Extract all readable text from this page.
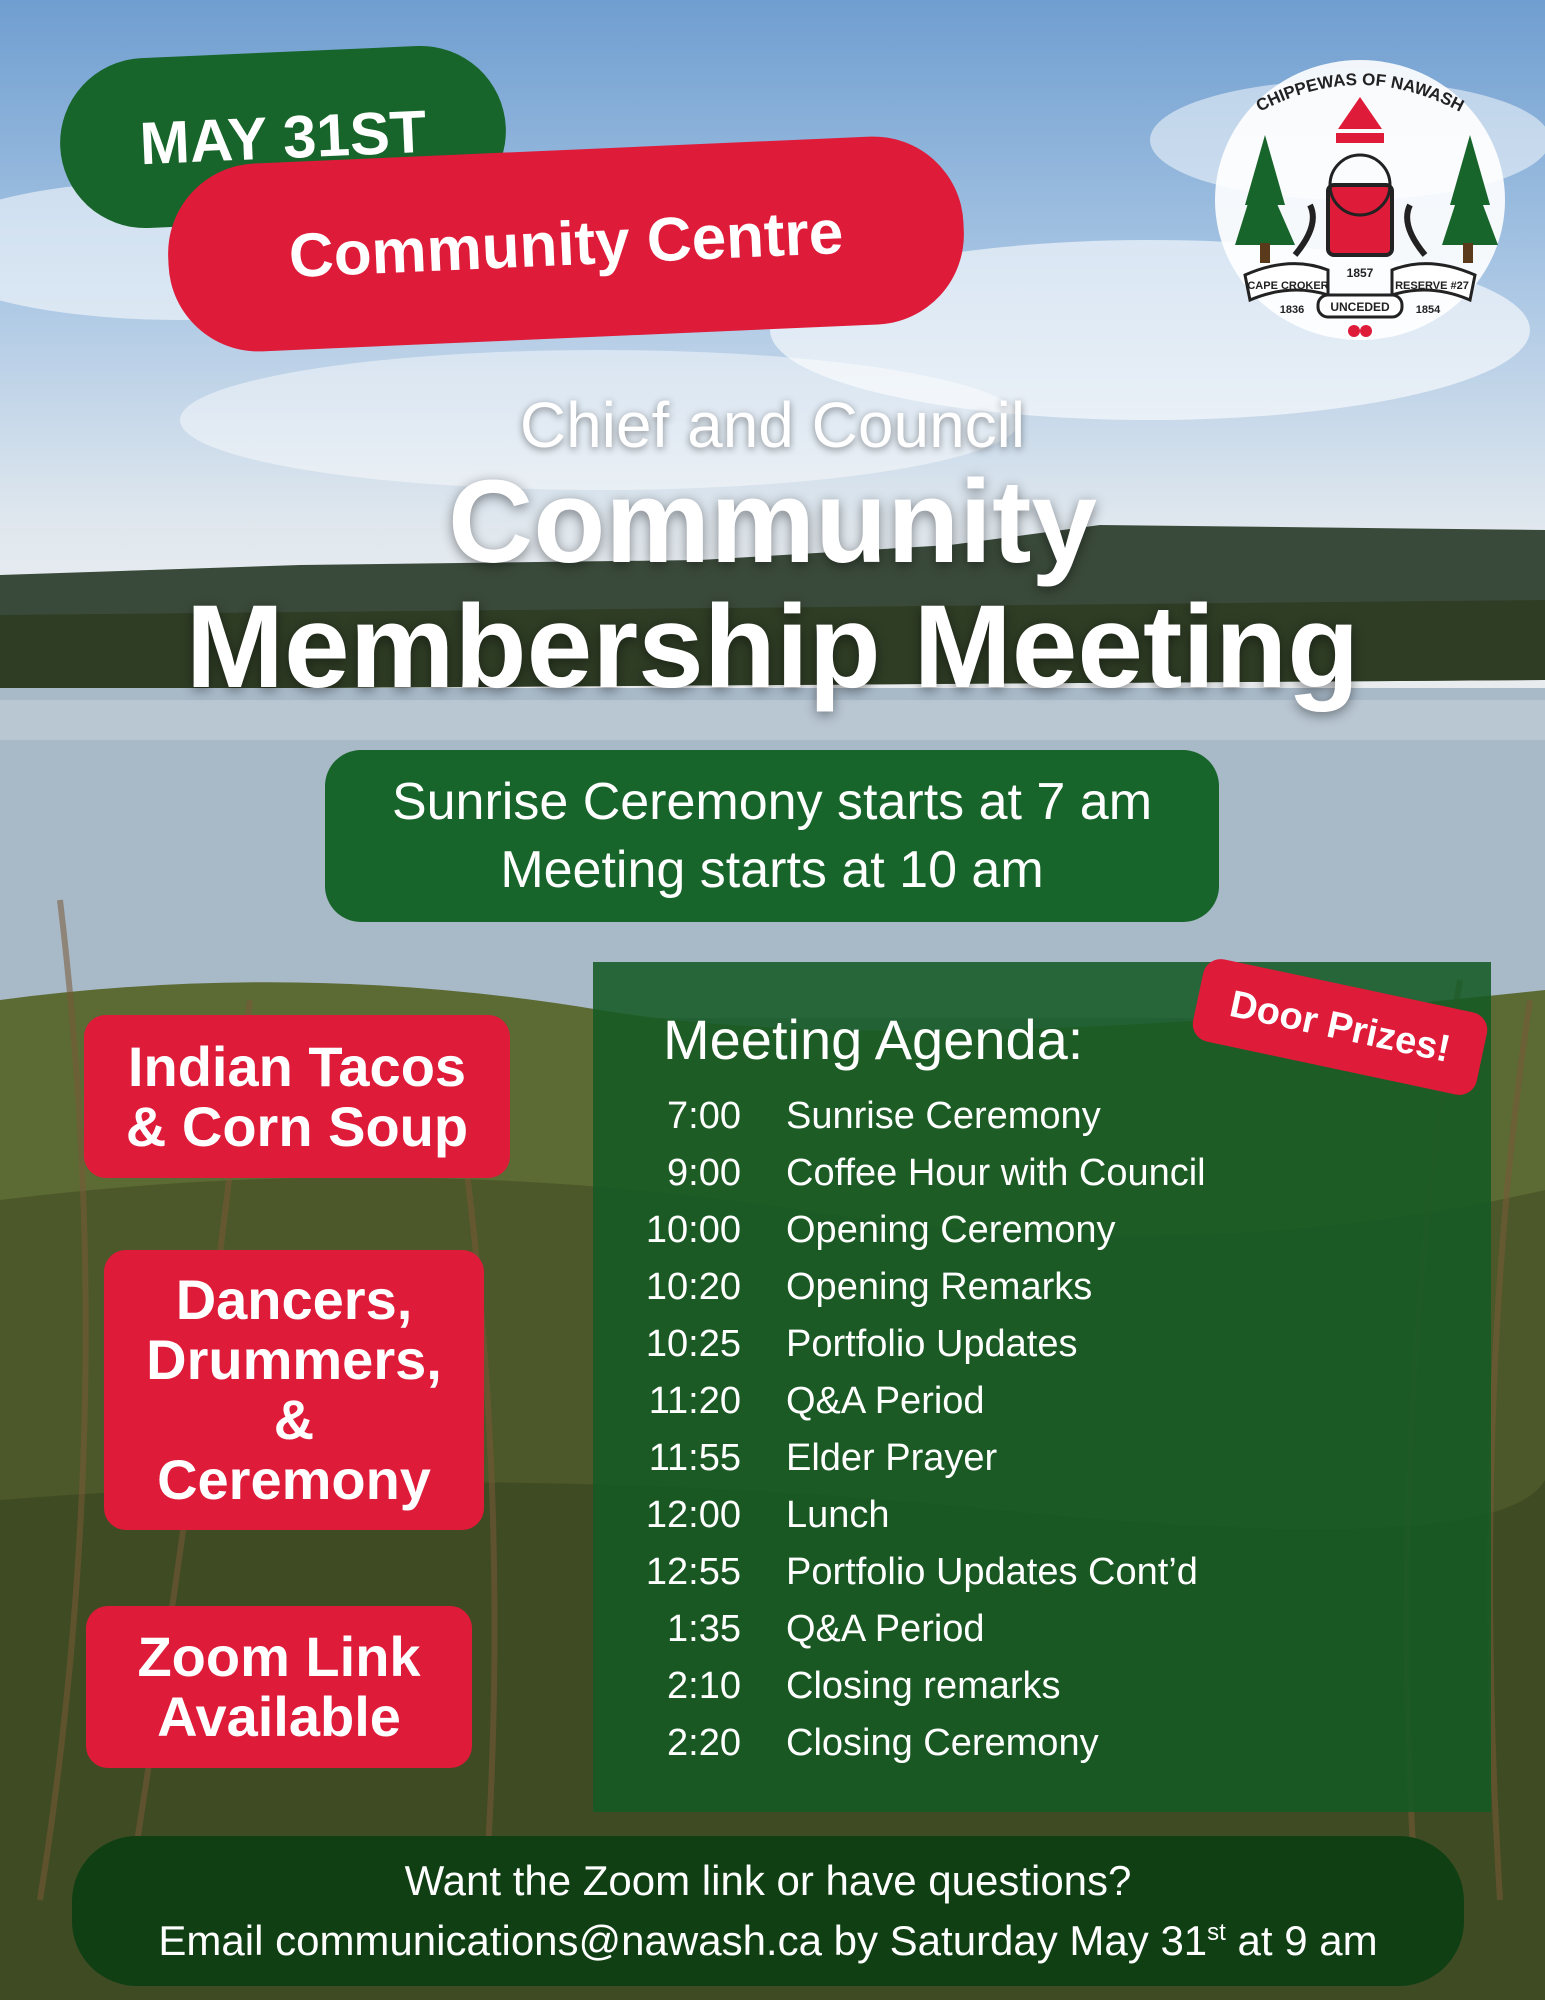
MAY 31ST
Community Centre
CHIPPEWAS OF NAWASH
CAPE CROKER	RESERVE #27
1857
1836	1854
UNCEDED
Chief and Council
Community
Membership Meeting
Sunrise Ceremony starts at 7 am
Meeting starts at 10 am
Indian Tacos
& Corn Soup
Dancers,
Drummers,
&
Ceremony
Zoom Link
Available
Meeting Agenda:
7:00 Sunrise Ceremony
9:00 Coffee Hour with Council
10:00 Opening Ceremony
10:20 Opening Remarks
10:25 Portfolio Updates
11:20 Q&A Period
11:55 Elder Prayer
12:00 Lunch
12:55 Portfolio Updates Cont’d
1:35 Q&A Period
2:10 Closing remarks
2:20 Closing Ceremony
Door Prizes!
Want the Zoom link or have questions?
Email communications@nawash.ca by Saturday May 31st at 9 am
